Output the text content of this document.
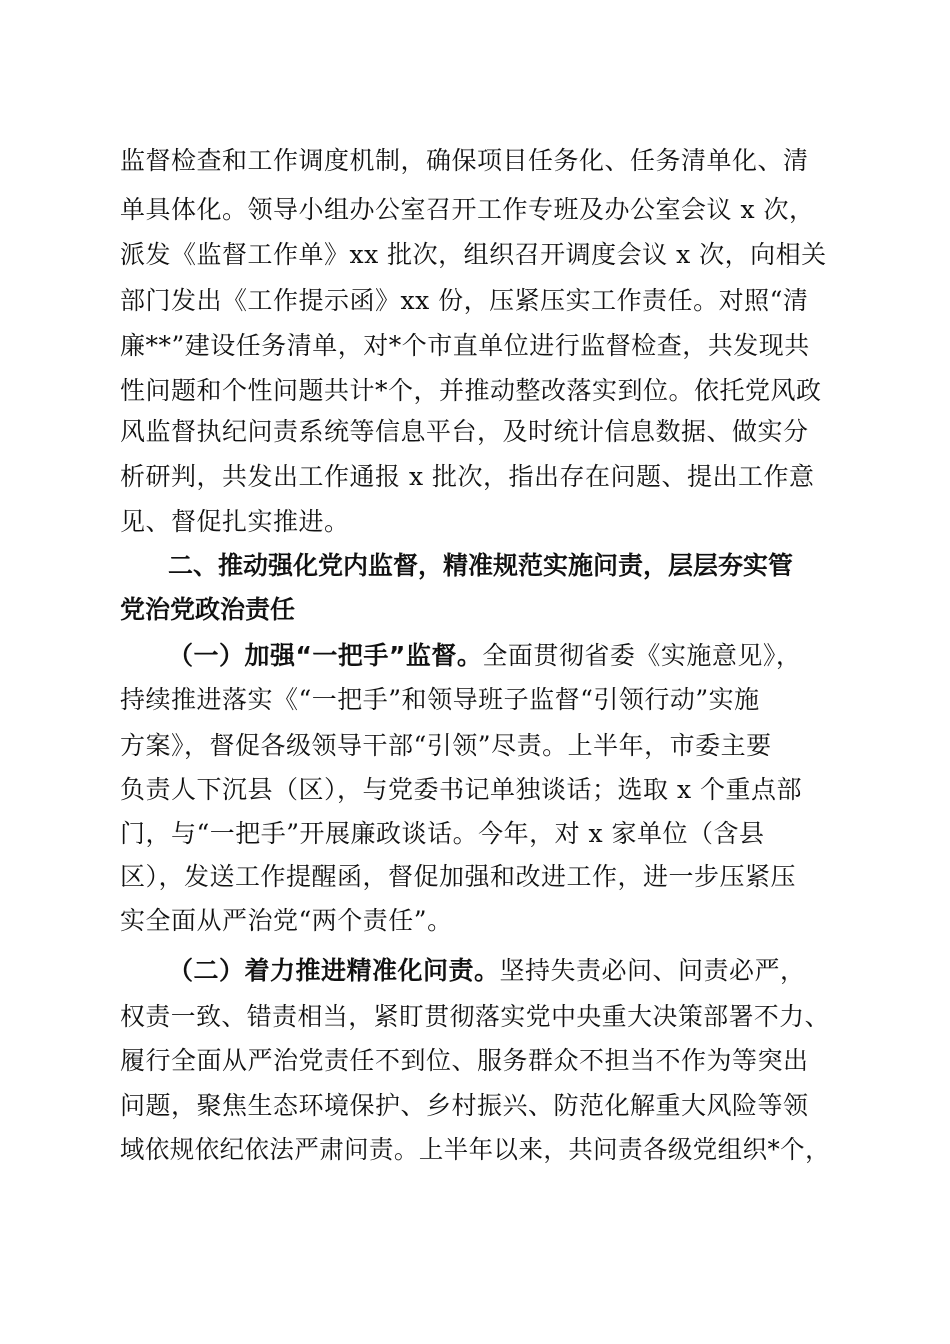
监督检查和工作调度机制，确保项目任务化、任务清单化、清
单具体化。领导小组办公室召开工作专班及办公室会议 x 次，
派发《监督工作单》xx 批次，组织召开调度会议 x 次，向相关
部门发出《工作提示函》xx 份，压紧压实工作责任。对照“清
廉**”建设任务清单，对*个市直单位进行监督检查，共发现共
性问题和个性问题共计*个，并推动整改落实到位。依托党风政
风监督执纪问责系统等信息平台，及时统计信息数据、做实分
析研判，共发出工作通报 x 批次，指出存在问题、提出工作意
见、督促扎实推进。
二、推动强化党内监督，精准规范实施问责，层层夯实管
党治党政治责任
（一）加强“一把手”监督。全面贯彻省委《实施意见》，
持续推进落实《“一把手”和领导班子监督“引领行动”实施
方案》，督促各级领导干部“引领”尽责。上半年，市委主要
负责人下沉县（区），与党委书记单独谈话；选取 x 个重点部
门，与“一把手”开展廉政谈话。今年，对 x 家单位（含县
区），发送工作提醒函，督促加强和改进工作，进一步压紧压
实全面从严治党“两个责任”。
（二）着力推进精准化问责。坚持失责必问、问责必严，
权责一致、错责相当，紧盯贯彻落实党中央重大决策部署不力、
履行全面从严治党责任不到位、服务群众不担当不作为等突出
问题，聚焦生态环境保护、乡村振兴、防范化解重大风险等领
域依规依纪依法严肃问责。上半年以来，共问责各级党组织*个，
